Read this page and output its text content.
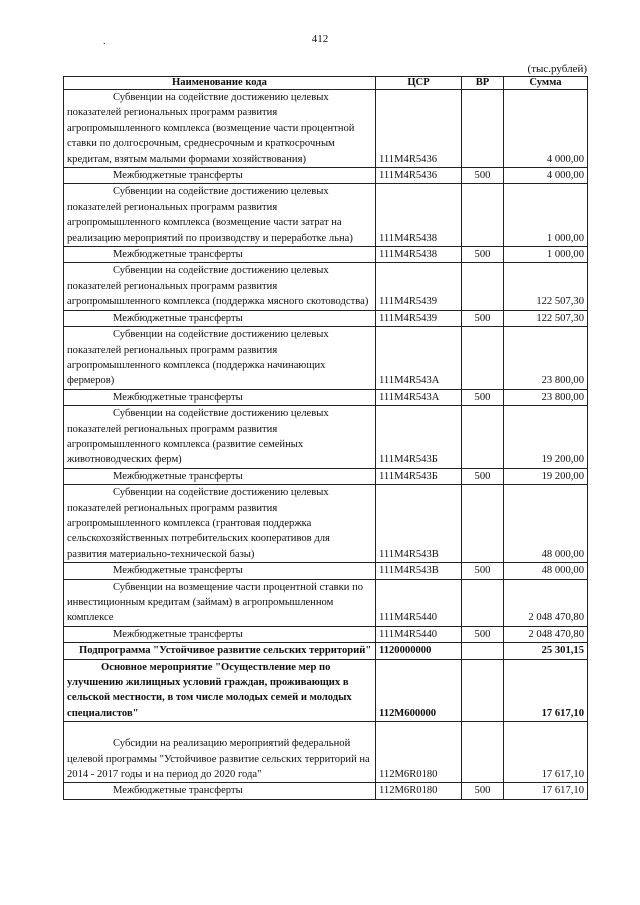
412
.
(тыс.рублей)
Наименование кода	ЦСР	ВР	Сумма
Субвенции на содействие достижению целевых показателей региональных программ развития агропромышленного комплекса (возмещение части процентной ставки по долгосрочным, среднесрочным и краткосрочным кредитам, взятым малыми формами хозяйствования)	111M4R5436		4 000,00
Межбюджетные трансферты	111M4R5436	500	4 000,00
Субвенции на содействие достижению целевых показателей региональных программ развития агропромышленного комплекса (возмещение части затрат на реализацию мероприятий по производству и переработке льна)	111M4R5438		1 000,00
Межбюджетные трансферты	111M4R5438	500	1 000,00
Субвенции на содействие достижению целевых показателей региональных программ развития агропромышленного комплекса (поддержка мясного скотоводства)	111M4R5439		122 507,30
Межбюджетные трансферты	111M4R5439	500	122 507,30
Субвенции на содействие достижению целевых показателей региональных программ развития агропромышленного комплекса (поддержка начинающих фермеров)	111M4R543A		23 800,00
Межбюджетные трансферты	111M4R543A	500	23 800,00
Субвенции на содействие достижению целевых показателей региональных программ развития агропромышленного комплекса (развитие семейных животноводческих ферм)	111M4R543Б		19 200,00
Межбюджетные трансферты	111M4R543Б	500	19 200,00
Субвенции на содействие достижению целевых показателей региональных программ развития агропромышленного комплекса (грантовая поддержка сельскохозяйственных потребительских кооперативов для развития материально-технической базы)	111M4R543B		48 000,00
Межбюджетные трансферты	111M4R543B	500	48 000,00
Субвенции на возмещение части процентной ставки по инвестиционным кредитам (займам) в агропромышленном комплексе	111M4R5440		2 048 470,80
Межбюджетные трансферты	111M4R5440	500	2 048 470,80
Подпрограмма "Устойчивое развитие сельских территорий"	1120000000		25 301,15
Основное мероприятие "Осуществление мер по улучшению жилищных условий граждан, проживающих в сельской местности, в том числе молодых семей и молодых специалистов"	112M600000		17 617,10
Субсидии на реализацию мероприятий федеральной целевой программы "Устойчивое развитие сельских территорий на 2014 - 2017 годы и на период до 2020 года"	112M6R0180		17 617,10
Межбюджетные трансферты	112M6R0180	500	17 617,10
